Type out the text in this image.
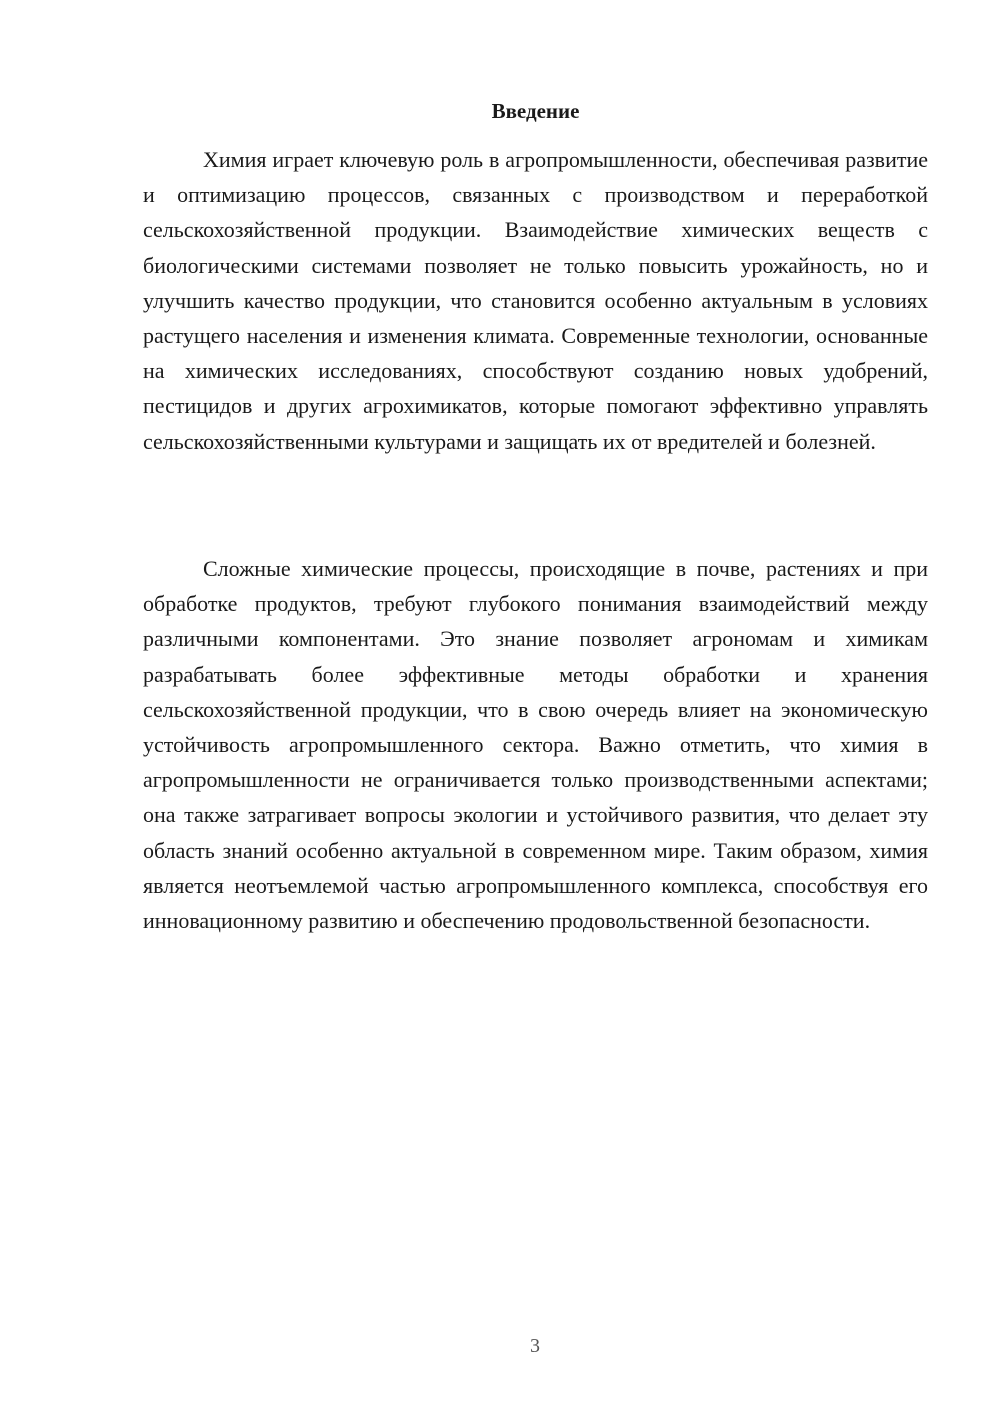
Введение

Химия играет ключевую роль в агропромышленности, обеспечивая развитие и оптимизацию процессов, связанных с производством и переработкой сельскохозяйственной продукции. Взаимодействие химических веществ с биологическими системами позволяет не только повысить урожайность, но и улучшить качество продукции, что становится особенно актуальным в условиях растущего населения и изменения климата. Современные технологии, основанные на химических исследованиях, способствуют созданию новых удобрений, пестицидов и других агрохимикатов, которые помогают эффективно управлять сельскохозяйственными культурами и защищать их от вредителей и болезней.

Сложные химические процессы, происходящие в почве, растениях и при обработке продуктов, требуют глубокого понимания взаимодействий между различными компонентами. Это знание позволяет агрономам и химикам разрабатывать более эффективные методы обработки и хранения сельскохозяйственной продукции, что в свою очередь влияет на экономическую устойчивость агропромышленного сектора. Важно отметить, что химия в агропромышленности не ограничивается только производственными аспектами; она также затрагивает вопросы экологии и устойчивого развития, что делает эту область знаний особенно актуальной в современном мире. Таким образом, химия является неотъемлемой частью агропромышленного комплекса, способствуя его инновационному развитию и обеспечению продовольственной безопасности.

3
